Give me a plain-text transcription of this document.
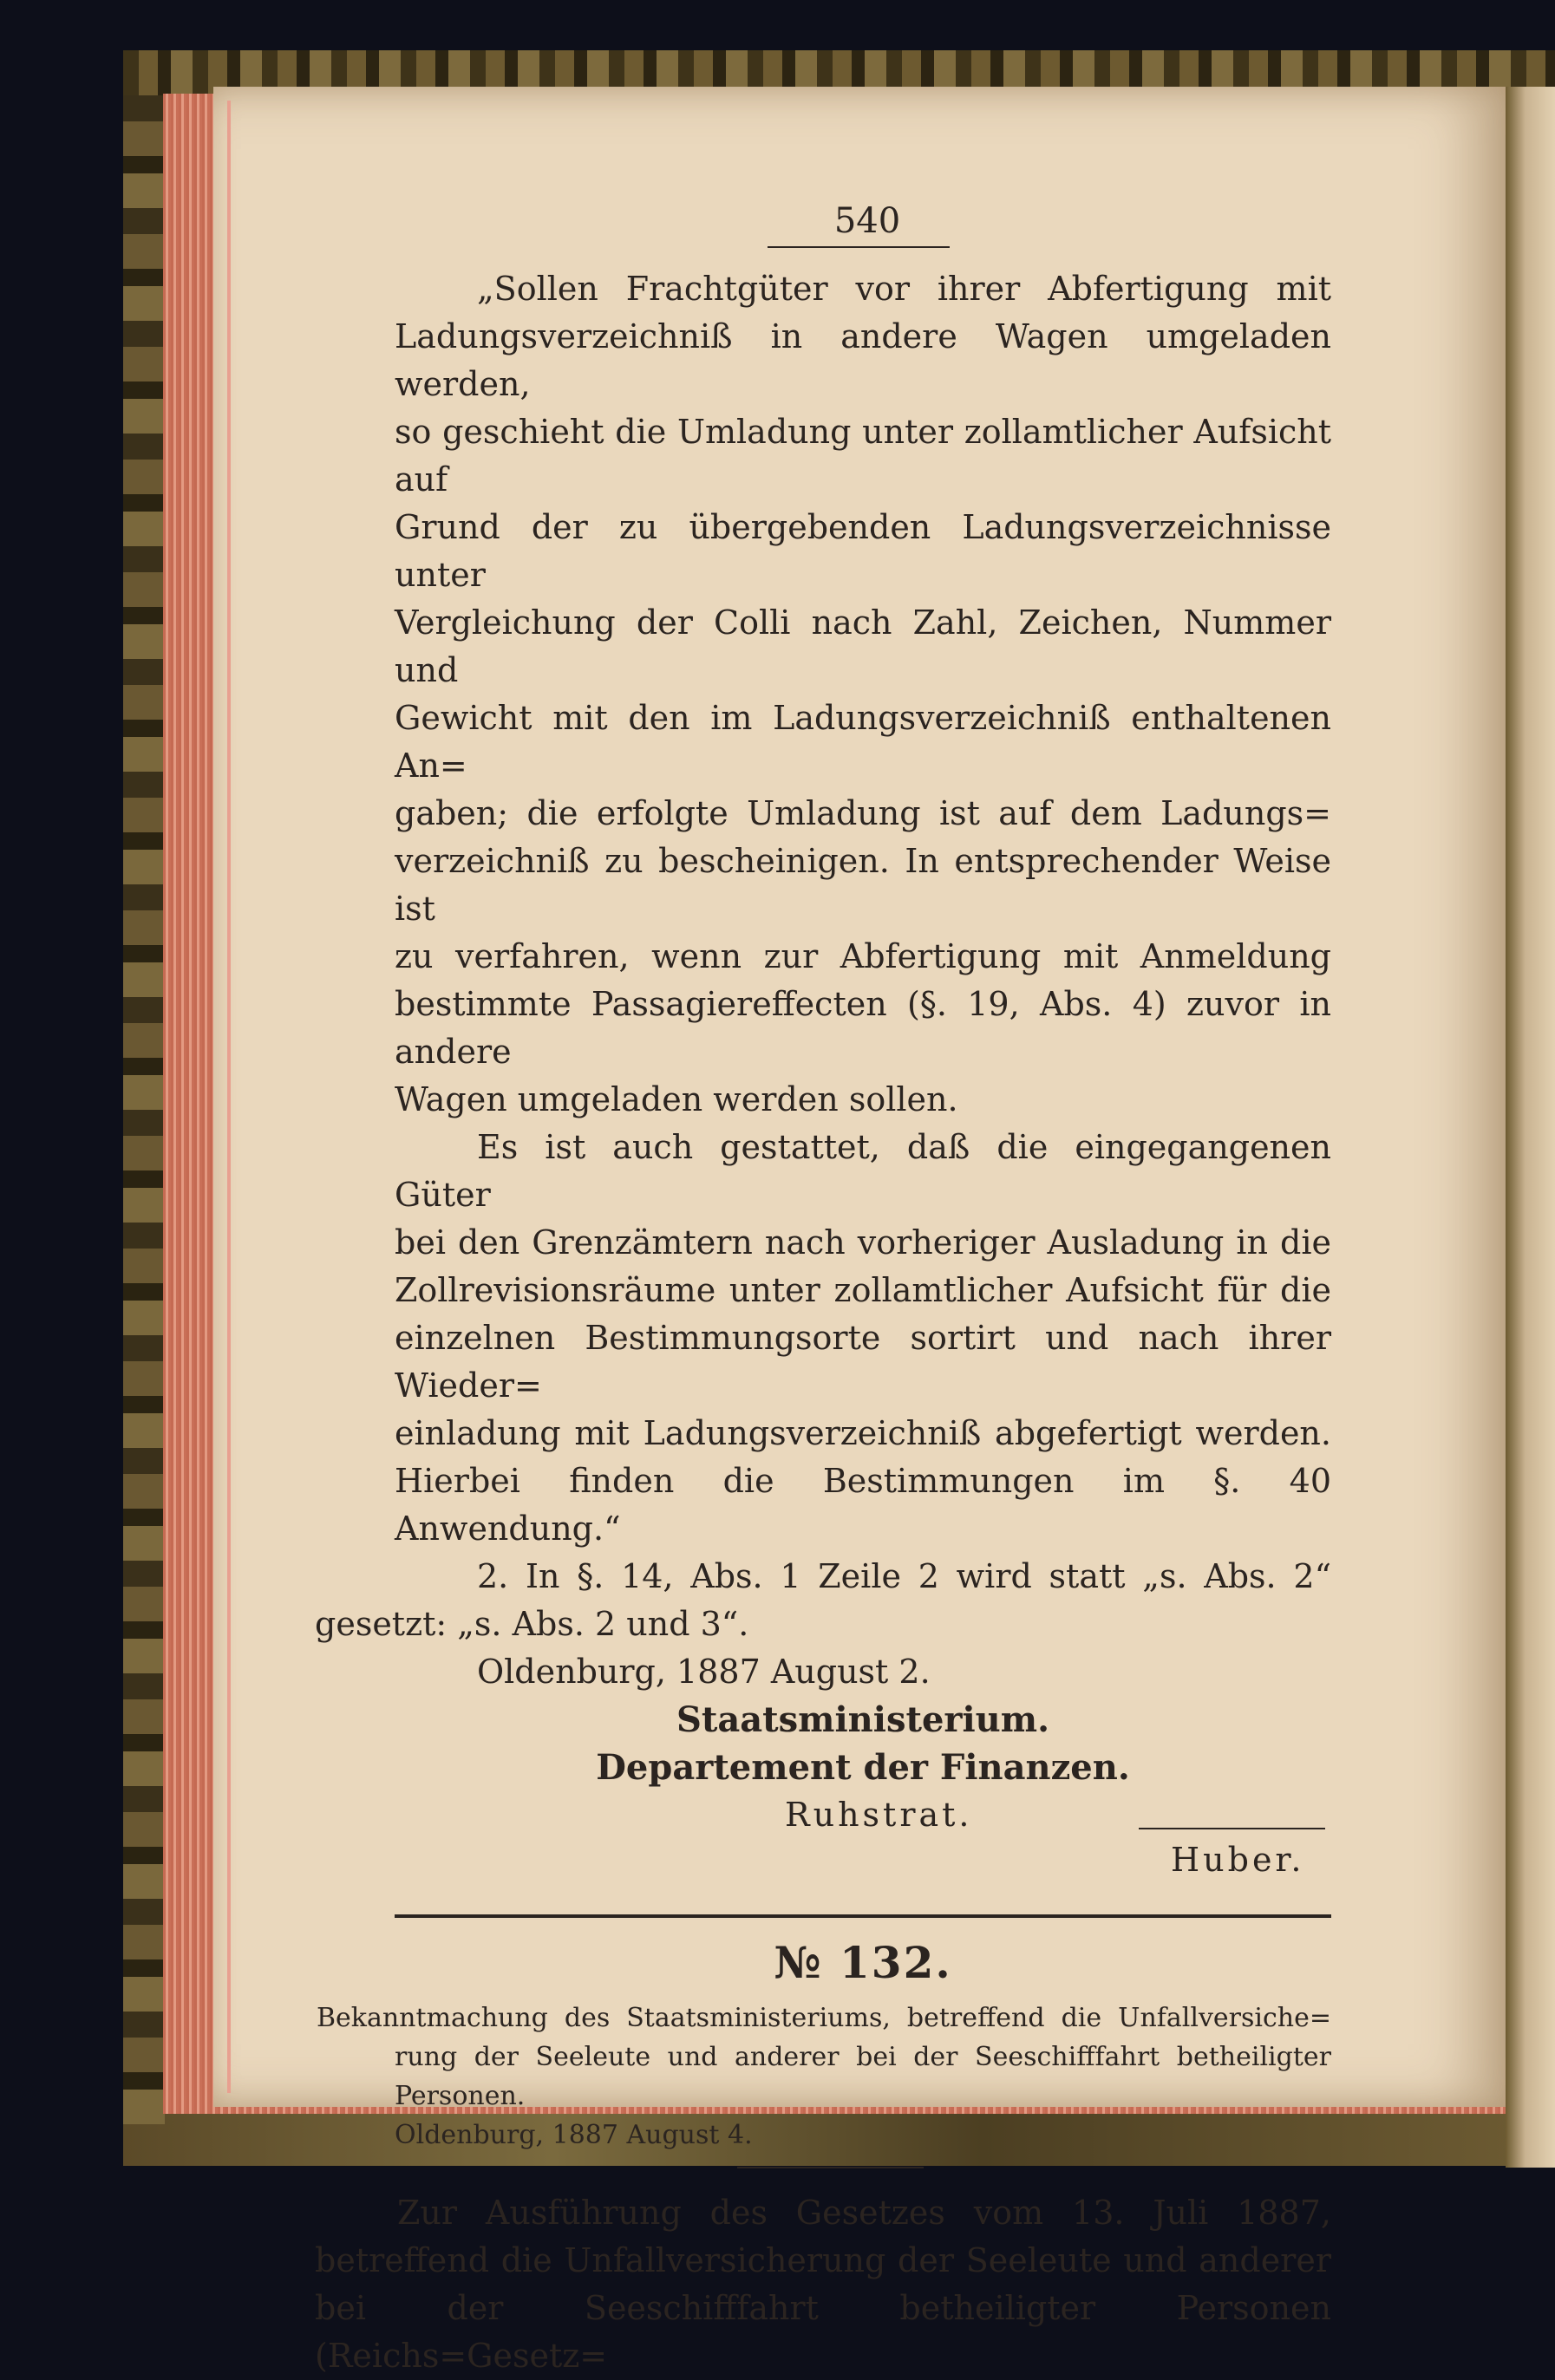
540

„Sollen Frachtgüter vor ihrer Abfertigung mit

Ladungsverzeichniß in andere Wagen umgeladen werden,

so geschieht die Umladung unter zollamtlicher Aufsicht auf

Grund der zu übergebenden Ladungsverzeichnisse unter

Vergleichung der Colli nach Zahl, Zeichen, Nummer und

Gewicht mit den im Ladungsverzeichniß enthaltenen An=

gaben; die erfolgte Umladung ist auf dem Ladungs=

verzeichniß zu bescheinigen. In entsprechender Weise ist

zu verfahren, wenn zur Abfertigung mit Anmeldung

bestimmte Passagiereffecten (§. 19, Abs. 4) zuvor in andere

Wagen umgeladen werden sollen.

Es ist auch gestattet, daß die eingegangenen Güter

bei den Grenzämtern nach vorheriger Ausladung in die

Zollrevisionsräume unter zollamtlicher Aufsicht für die

einzelnen Bestimmungsorte sortirt und nach ihrer Wieder=

einladung mit Ladungsverzeichniß abgefertigt werden.

Hierbei finden die Bestimmungen im §. 40 Anwendung.“

2. In §. 14, Abs. 1 Zeile 2 wird statt „s. Abs. 2“

gesetzt: „s. Abs. 2 und 3“.

Oldenburg, 1887 August 2.

Staatsministerium.
Departement der Finanzen.
Ruhstrat.
Huber.
№ 132.

Bekanntmachung des Staatsministeriums, betreffend die Unfallversiche=

rung der Seeleute und anderer bei der Seeschifffahrt betheiligter

Personen.

Oldenburg, 1887 August 4.

Zur Ausführung des Gesetzes vom 13. Juli 1887,

betreffend die Unfallversicherung der Seeleute und anderer

bei der Seeschifffahrt betheiligter Personen (Reichs=Gesetz=
